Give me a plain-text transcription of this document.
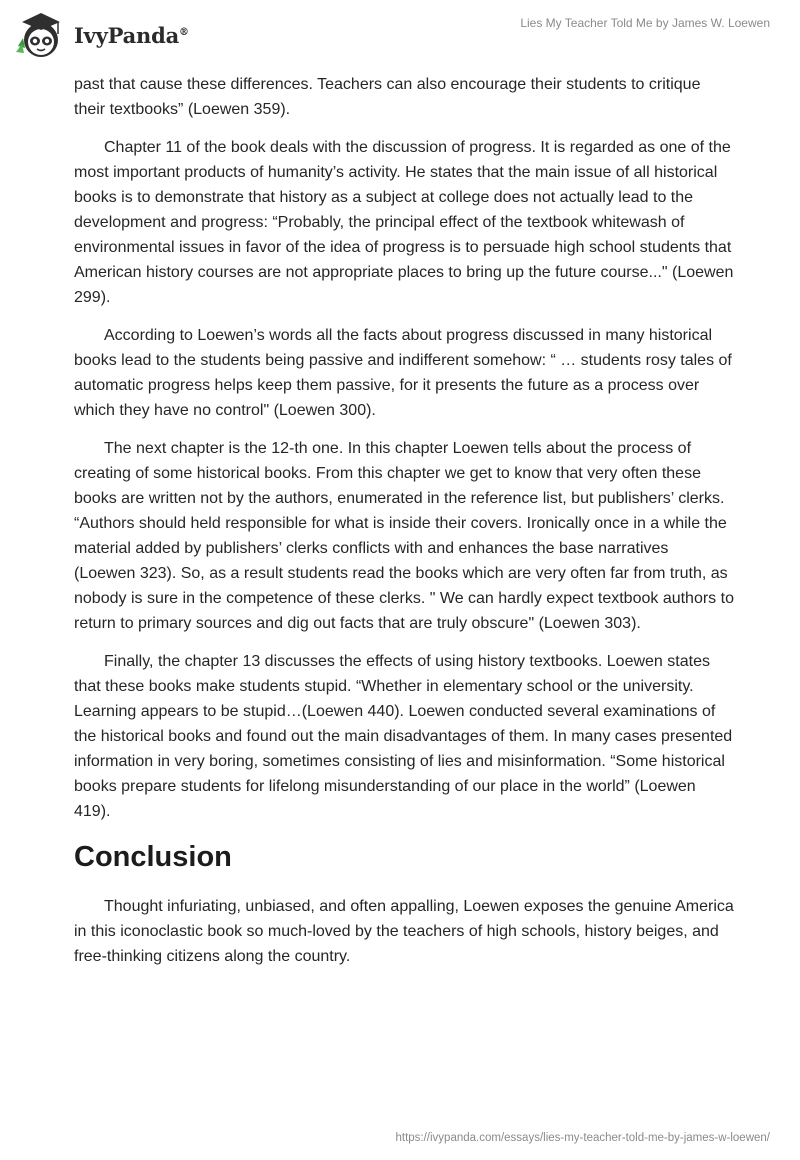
IvyPanda®
Lies My Teacher Told Me by James W. Loewen

past that cause these differences. Teachers can also encourage their students to critique their textbooks” (Loewen 359).

Chapter 11 of the book deals with the discussion of progress. It is regarded as one of the most important products of humanity’s activity. He states that the main issue of all historical books is to demonstrate that history as a subject at college does not actually lead to the development and progress: “Probably, the principal effect of the textbook whitewash of environmental issues in favor of the idea of progress is to persuade high school students that American history courses are not appropriate places to bring up the future course..." (Loewen 299).

According to Loewen’s words all the facts about progress discussed in many historical books lead to the students being passive and indifferent somehow: “ … students rosy tales of automatic progress helps keep them passive, for it presents the future as a process over which they have no control" (Loewen 300).

The next chapter is the 12-th one. In this chapter Loewen tells about the process of creating of some historical books. From this chapter we get to know that very often these books are written not by the authors, enumerated in the reference list, but publishers’ clerks. “Authors should held responsible for what is inside their covers. Ironically once in a while the material added by publishers’ clerks conflicts with and enhances the base narratives (Loewen 323). So, as a result students read the books which are very often far from truth, as nobody is sure in the competence of these clerks. " We can hardly expect textbook authors to return to primary sources and dig out facts that are truly obscure" (Loewen 303).

Finally, the chapter 13 discusses the effects of using history textbooks. Loewen states that these books make students stupid. “Whether in elementary school or the university. Learning appears to be stupid…(Loewen 440). Loewen conducted several examinations of the historical books and found out the main disadvantages of them. In many cases presented information in very boring, sometimes consisting of lies and misinformation. “Some historical books prepare students for lifelong misunderstanding of our place in the world” (Loewen 419).

Conclusion

Thought infuriating, unbiased, and often appalling, Loewen exposes the genuine America in this iconoclastic book so much-loved by the teachers of high schools, history beiges, and free-thinking citizens along the country.

https://ivypanda.com/essays/lies-my-teacher-told-me-by-james-w-loewen/
